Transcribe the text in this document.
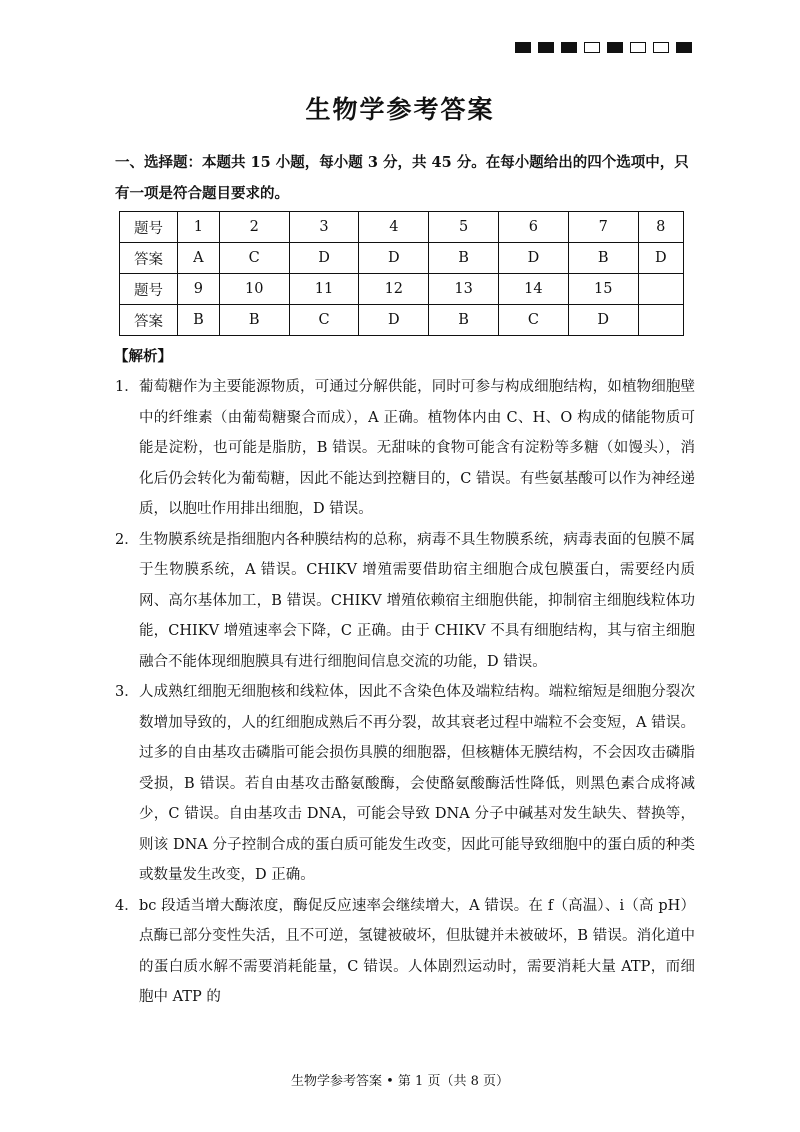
生物学参考答案
一、选择题：本题共 15 小题，每小题 3 分，共 45 分。在每小题给出的四个选项中，只有一项是符合题目要求的。
题号	1	2	3	4	5	6	7	8
答案	A	C	D	D	B	D	B	D
题号	9	10	11	12	13	14	15	
答案	B	B	C	D	B	C	D	
【解析】
1． 葡萄糖作为主要能源物质，可通过分解供能，同时可参与构成细胞结构，如植物细胞壁中的纤维素（由葡萄糖聚合而成），A 正确。植物体内由 C、H、O 构成的储能物质可能是淀粉，也可能是脂肪，B 错误。无甜味的食物可能含有淀粉等多糖（如馒头），消化后仍会转化为葡萄糖，因此不能达到控糖目的，C 错误。有些氨基酸可以作为神经递质，以胞吐作用排出细胞，D 错误。
2． 生物膜系统是指细胞内各种膜结构的总称，病毒不具生物膜系统，病毒表面的包膜不属于生物膜系统，A 错误。CHIKV 增殖需要借助宿主细胞合成包膜蛋白，需要经内质网、高尔基体加工，B 错误。CHIKV 增殖依赖宿主细胞供能，抑制宿主细胞线粒体功能，CHIKV 增殖速率会下降，C 正确。由于 CHIKV 不具有细胞结构，其与宿主细胞融合不能体现细胞膜具有进行细胞间信息交流的功能，D 错误。
3． 人成熟红细胞无细胞核和线粒体，因此不含染色体及端粒结构。端粒缩短是细胞分裂次数增加导致的，人的红细胞成熟后不再分裂，故其衰老过程中端粒不会变短，A 错误。过多的自由基攻击磷脂可能会损伤具膜的细胞器，但核糖体无膜结构，不会因攻击磷脂受损，B 错误。若自由基攻击酪氨酸酶，会使酪氨酸酶活性降低，则黑色素合成将减少，C 错误。自由基攻击 DNA，可能会导致 DNA 分子中碱基对发生缺失、替换等，则该 DNA 分子控制合成的蛋白质可能发生改变，因此可能导致细胞中的蛋白质的种类或数量发生改变，D 正确。
4． bc 段适当增大酶浓度，酶促反应速率会继续增大，A 错误。在 f（高温）、i（高 pH）点酶已部分变性失活，且不可逆，氢键被破坏，但肽键并未被破坏，B 错误。消化道中的蛋白质水解不需要消耗能量，C 错误。人体剧烈运动时，需要消耗大量 ATP，而细胞中 ATP 的
生物学参考答案 • 第 1 页（共 8 页）
